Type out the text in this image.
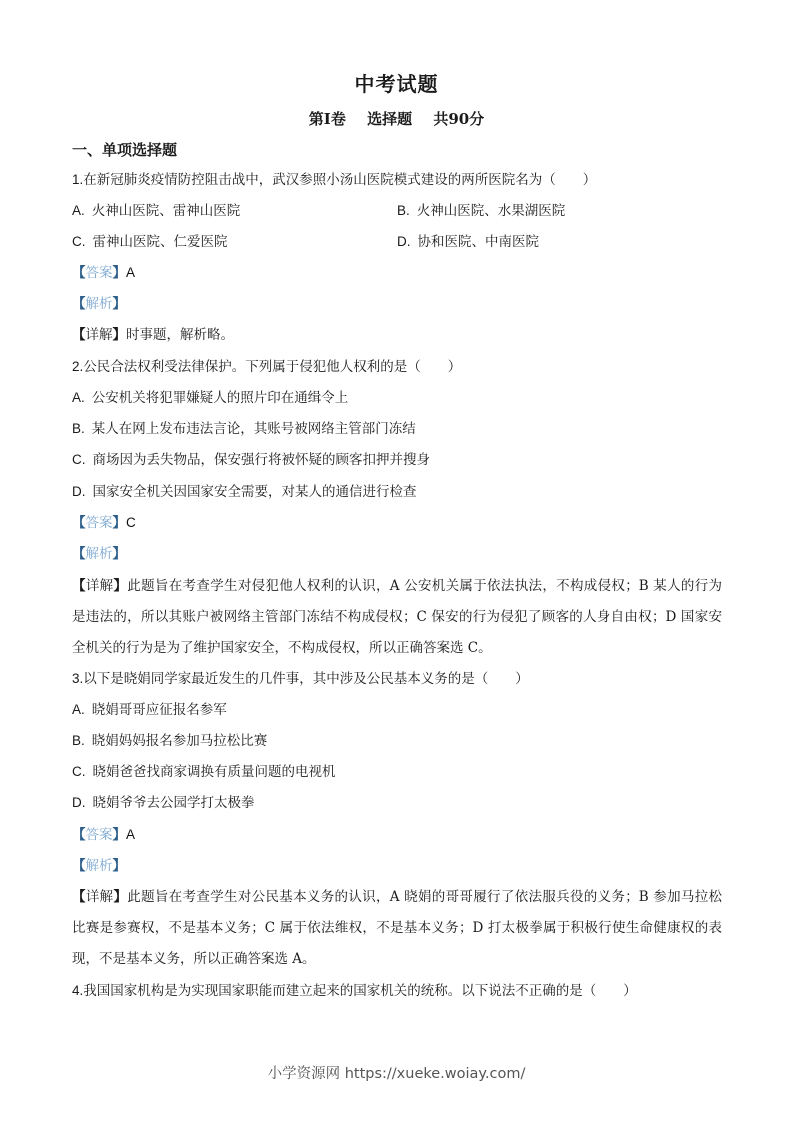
中考试题
第Ⅰ卷 选择题 共90分
一、单项选择题
1.在新冠肺炎疫情防控阻击战中，武汉参照小汤山医院模式建设的两所医院名为（　　）
A. 火神山医院、雷神山医院	B. 火神山医院、水果湖医院
C. 雷神山医院、仁爱医院	D. 协和医院、中南医院
【答案】A
【解析】
【详解】时事题，解析略。
2.公民合法权利受法律保护。下列属于侵犯他人权利的是（　　）
A. 公安机关将犯罪嫌疑人的照片印在通缉令上
B. 某人在网上发布违法言论，其账号被网络主管部门冻结
C. 商场因为丢失物品，保安强行将被怀疑的顾客扣押并搜身
D. 国家安全机关因国家安全需要，对某人的通信进行检查
【答案】C
【解析】
【详解】此题旨在考查学生对侵犯他人权利的认识，A 公安机关属于依法执法，不构成侵权；B 某人的行为
是违法的，所以其账户被网络主管部门冻结不构成侵权；C 保安的行为侵犯了顾客的人身自由权；D 国家安
全机关的行为是为了维护国家安全，不构成侵权，所以正确答案选 C。
3.以下是晓娟同学家最近发生的几件事，其中涉及公民基本义务的是（　　）
A. 晓娟哥哥应征报名参军
B. 晓娟妈妈报名参加马拉松比赛
C. 晓娟爸爸找商家调换有质量问题的电视机
D. 晓娟爷爷去公园学打太极拳
【答案】A
【解析】
【详解】此题旨在考查学生对公民基本义务的认识，A 晓娟的哥哥履行了依法服兵役的义务；B 参加马拉松
比赛是参赛权，不是基本义务；C 属于依法维权，不是基本义务；D 打太极拳属于积极行使生命健康权的表
现，不是基本义务，所以正确答案选 A。
4.我国国家机构是为实现国家职能而建立起来的国家机关的统称。以下说法不正确的是（　　）
小学资源网 https://xueke.woiay.com/
